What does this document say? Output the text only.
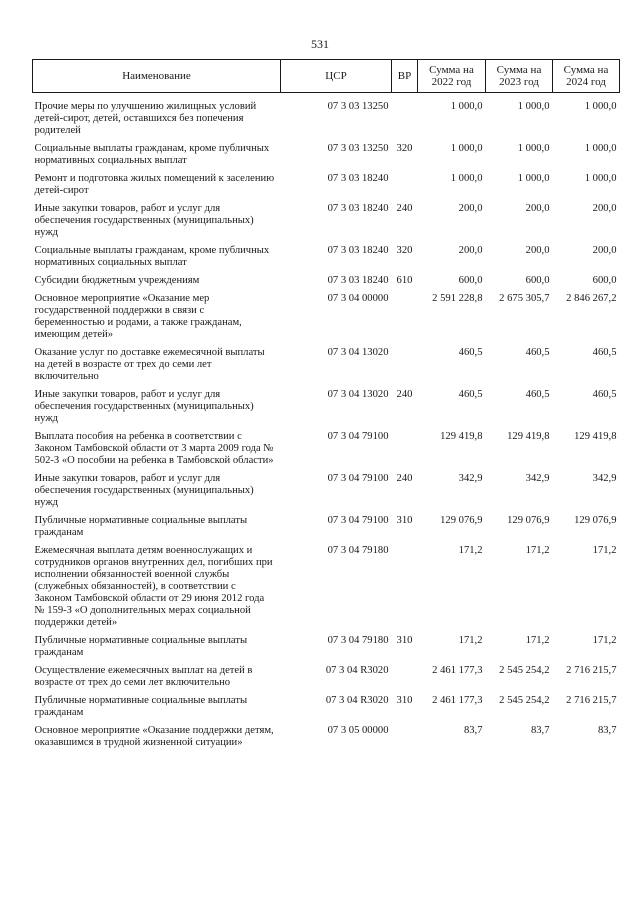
531
Наименование	ЦСР	ВР	Сумма на 2022 год	Сумма на 2023 год	Сумма на 2024 год
Прочие меры по улучшению жилищных условий детей-сирот, детей, оставшихся без попечения родителей	07 3 03 13250		1 000,0	1 000,0	1 000,0
Социальные выплаты гражданам, кроме публичных нормативных социальных выплат	07 3 03 13250	320	1 000,0	1 000,0	1 000,0
Ремонт и подготовка жилых помещений к заселению детей-сирот	07 3 03 18240		1 000,0	1 000,0	1 000,0
Иные закупки товаров, работ и услуг для обеспечения государственных (муниципальных) нужд	07 3 03 18240	240	200,0	200,0	200,0
Социальные выплаты гражданам, кроме публичных нормативных социальных выплат	07 3 03 18240	320	200,0	200,0	200,0
Субсидии бюджетным учреждениям	07 3 03 18240	610	600,0	600,0	600,0
Основное мероприятие «Оказание мер государственной поддержки в связи с беременностью и родами, а также гражданам, имеющим детей»	07 3 04 00000		2 591 228,8	2 675 305,7	2 846 267,2
Оказание услуг по доставке ежемесячной выплаты на детей в возрасте от трех до семи лет включительно	07 3 04 13020		460,5	460,5	460,5
Иные закупки товаров, работ и услуг для обеспечения государственных (муниципальных) нужд	07 3 04 13020	240	460,5	460,5	460,5
Выплата пособия на ребенка в соответствии с Законом Тамбовской области от 3 марта 2009 года № 502-З «О пособии на ребенка в Тамбовской области»	07 3 04 79100		129 419,8	129 419,8	129 419,8
Иные закупки товаров, работ и услуг для обеспечения государственных (муниципальных) нужд	07 3 04 79100	240	342,9	342,9	342,9
Публичные нормативные социальные выплаты гражданам	07 3 04 79100	310	129 076,9	129 076,9	129 076,9
Ежемесячная выплата детям военнослужащих и сотрудников органов внутренних дел, погибших при исполнении обязанностей военной службы (служебных обязанностей), в соответствии с Законом Тамбовской области от 29 июня 2012 года № 159-З «О дополнительных мерах социальной поддержки детей»	07 3 04 79180		171,2	171,2	171,2
Публичные нормативные социальные выплаты гражданам	07 3 04 79180	310	171,2	171,2	171,2
Осуществление ежемесячных выплат на детей в возрасте от трех до семи лет включительно	07 3 04 R3020		2 461 177,3	2 545 254,2	2 716 215,7
Публичные нормативные социальные выплаты гражданам	07 3 04 R3020	310	2 461 177,3	2 545 254,2	2 716 215,7
Основное мероприятие «Оказание поддержки детям, оказавшимся в трудной жизненной ситуации»	07 3 05 00000		83,7	83,7	83,7
